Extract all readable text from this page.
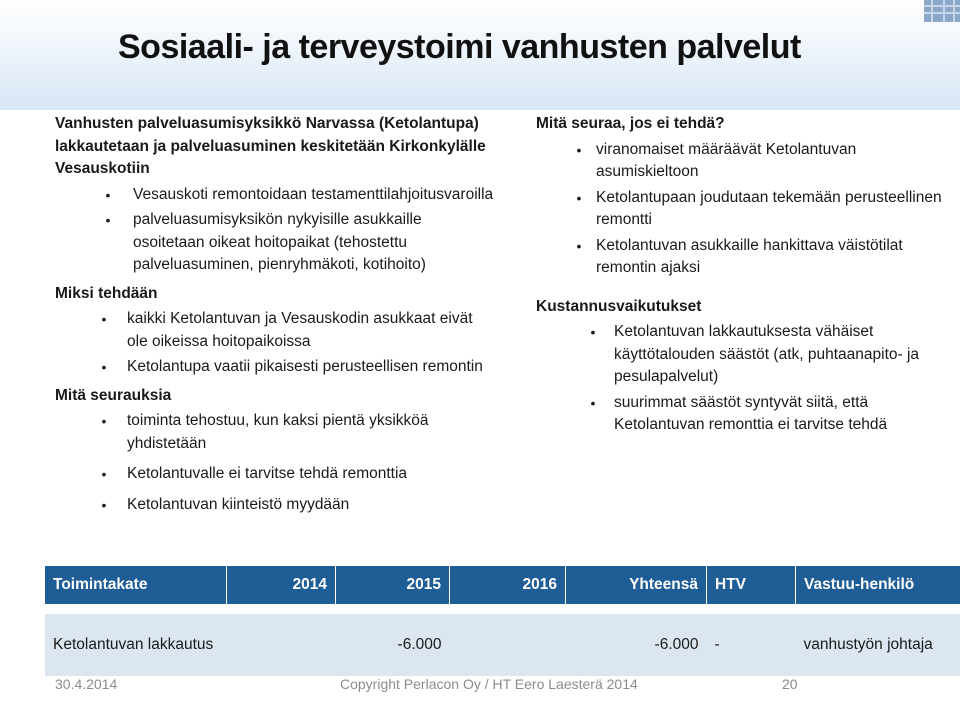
Sosiaali- ja terveystoimi vanhusten palvelut

Vanhusten palveluasumisyksikkö Narvassa (Ketolantupa) lakkautetaan ja palveluasuminen keskitetään Kirkonkylälle Vesauskotiin

•	Vesauskoti remontoidaan testamenttilahjoitusvaroilla
•	palveluasumisyksikön nykyisille asukkaille osoitetaan oikeat hoitopaikat (tehostettu palveluasuminen, pienryhmäkoti, kotihoito)

Miksi tehdään

•	kaikki Ketolantuvan ja Vesauskodin asukkaat eivät ole oikeissa hoitopaikoissa
•	Ketolantupa vaatii pikaisesti perusteellisen remontin

Mitä seurauksia

•	toiminta tehostuu, kun kaksi pientä yksikköä yhdistetään
•	Ketolantuvalle ei tarvitse tehdä remonttia
•	Ketolantuvan kiinteistö myydään

Mitä seuraa, jos ei tehdä?

• viranomaiset määräävät Ketolantuvan asumiskieltoon
• Ketolantupaan joudutaan tekemään perusteellinen remontti
• Ketolantuvan asukkaille hankittava väistötilat remontin ajaksi

Kustannusvaikutukset

•	Ketolantuvan lakkautuksesta vähäiset käyttötalouden säästöt (atk, puhtaanapito- ja pesulapalvelut)
•	suurimmat säästöt syntyvät siitä, että Ketolantuvan remonttia ei tarvitse tehdä
Toimintakate	2014	2015	2016	Yhteensä	HTV	Vastuu-henkilö
Ketolantuvan lakkautus		-6.000		-6.000	-	vanhustyön johtaja
30.4.2014	Copyright Perlacon Oy / HT Eero Laesterä 2014	20
